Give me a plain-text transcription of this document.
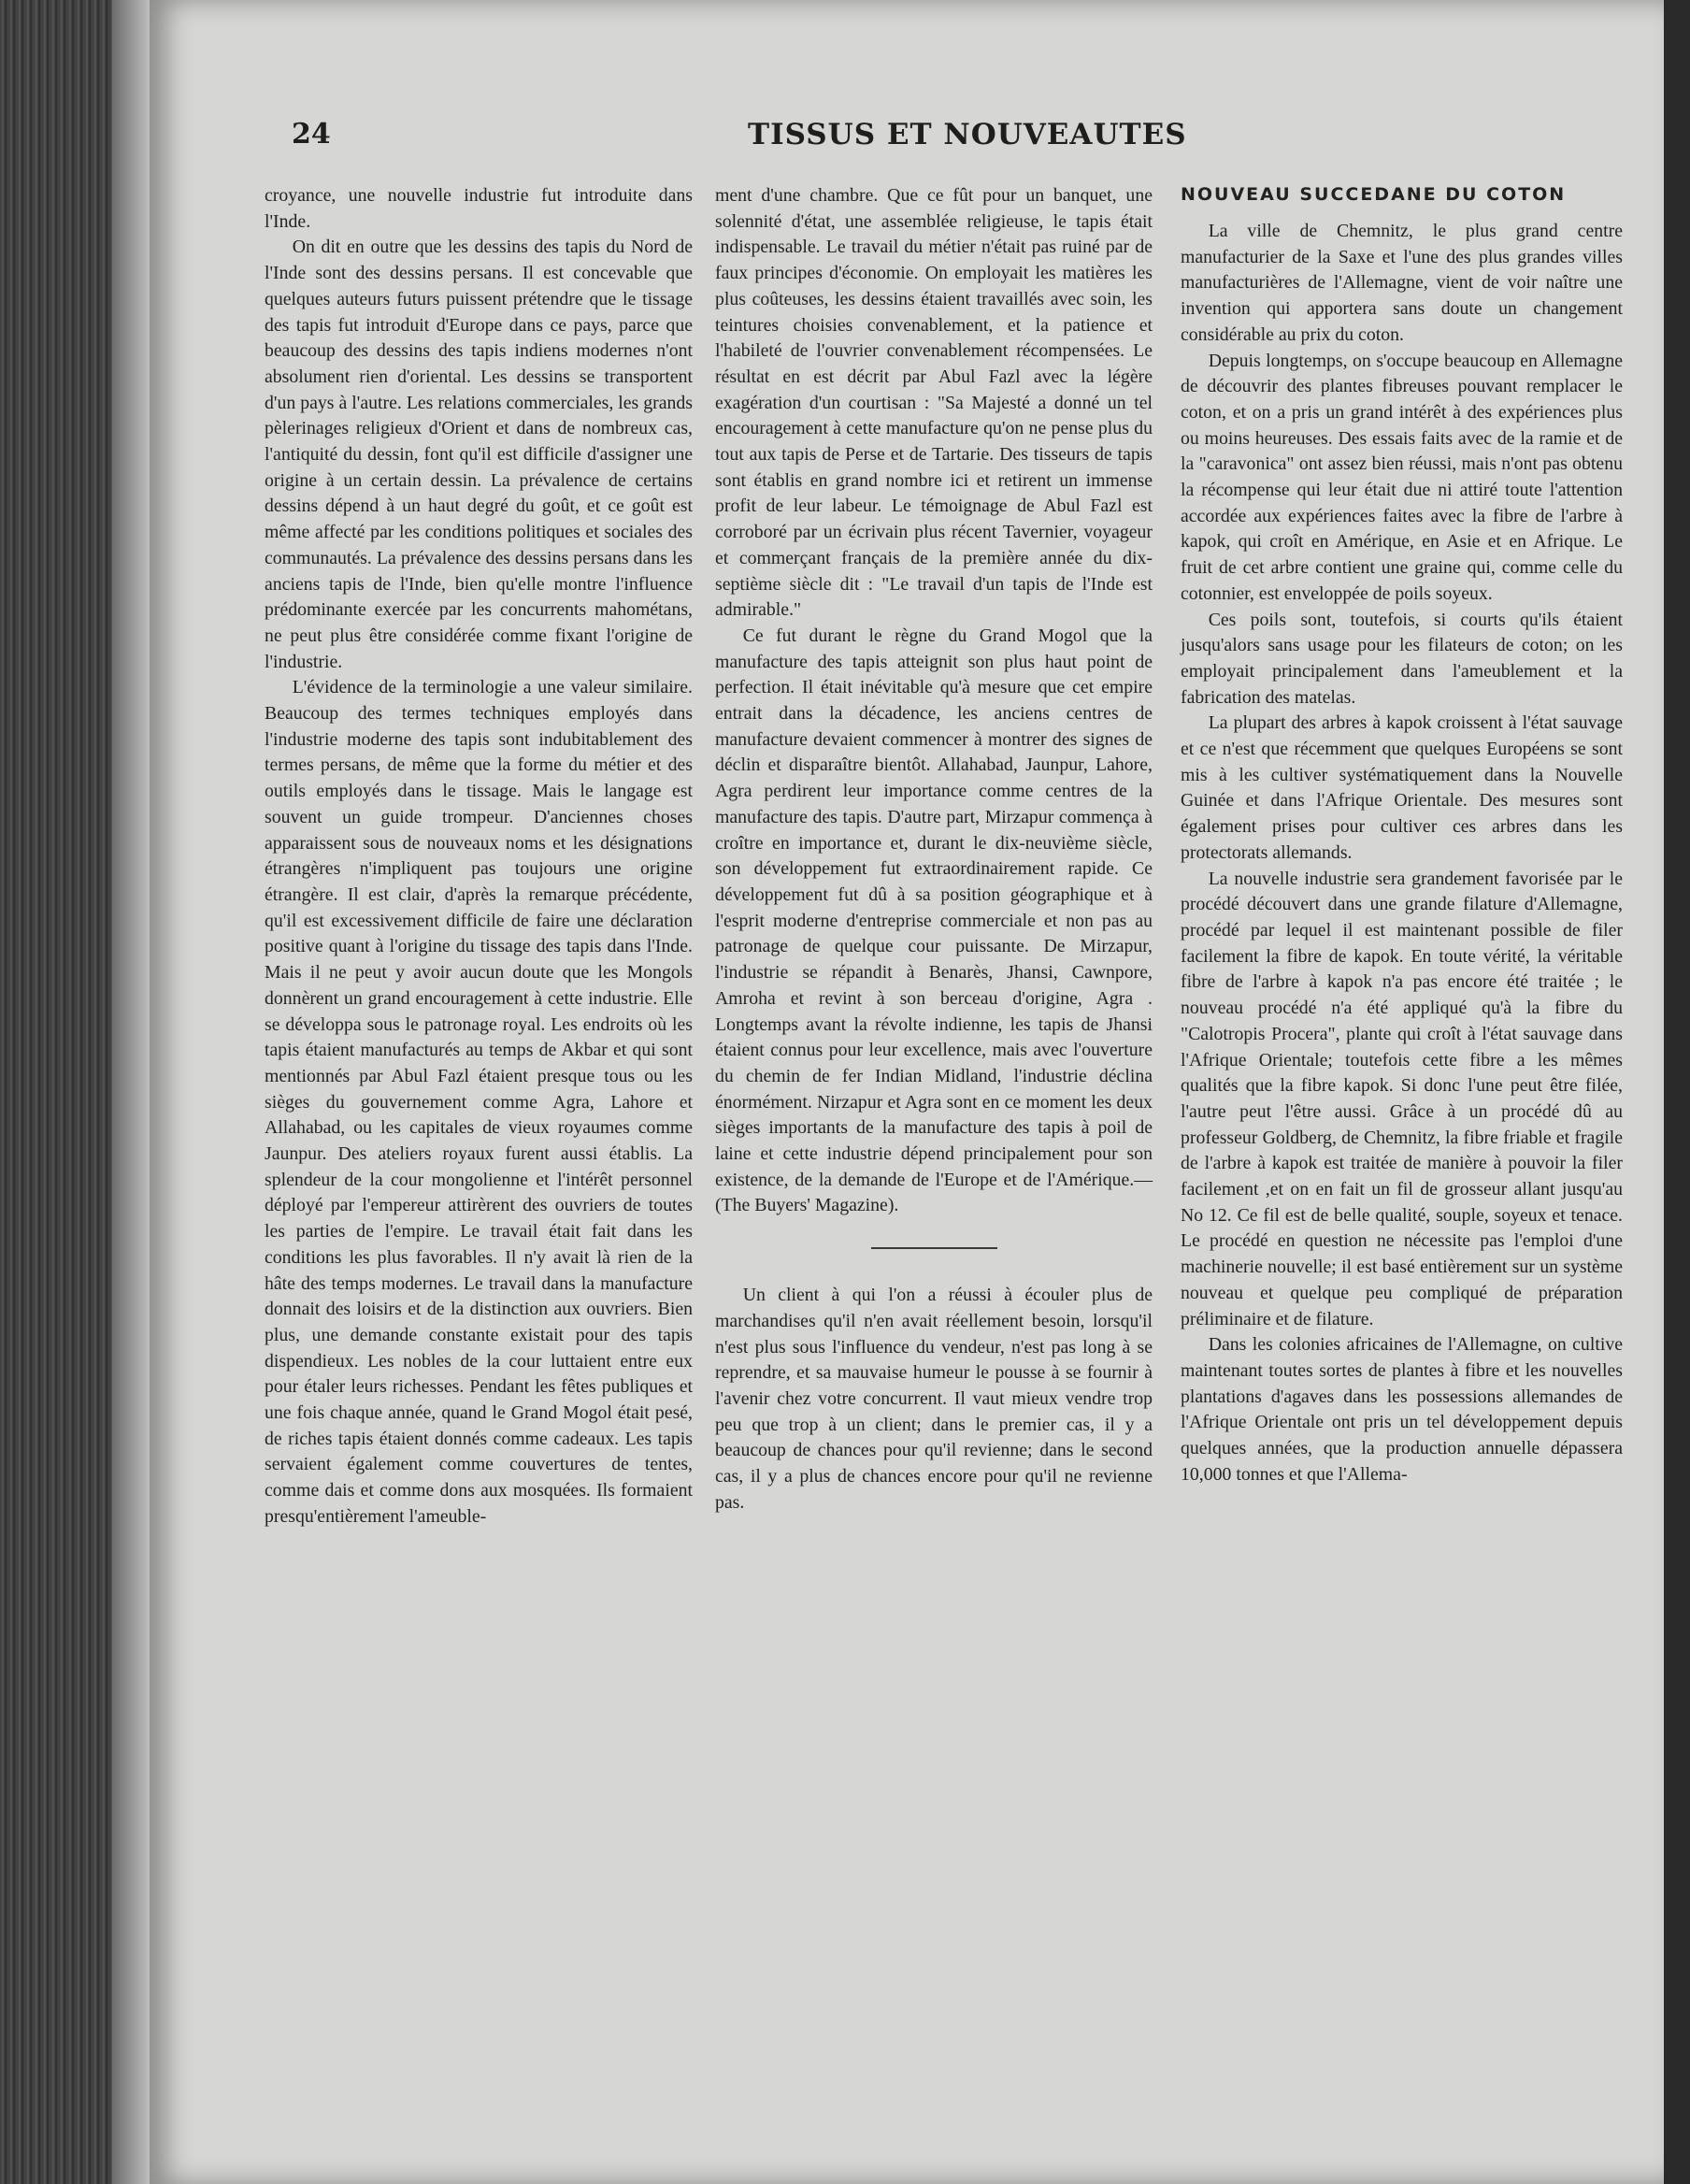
24	TISSUS ET NOUVEAUTES

croyance, une nouvelle industrie fut introduite dans l'Inde.

On dit en outre que les dessins des tapis du Nord de l'Inde sont des dessins persans. Il est concevable que quelques auteurs futurs puissent prétendre que le tissage des tapis fut introduit d'Europe dans ce pays, parce que beaucoup des dessins des tapis indiens modernes n'ont absolument rien d'oriental. Les dessins se transportent d'un pays à l'autre. Les relations commerciales, les grands pèlerinages religieux d'Orient et dans de nombreux cas, l'antiquité du dessin, font qu'il est difficile d'assigner une origine à un certain dessin. La prévalence de certains dessins dépend à un haut degré du goût, et ce goût est même affecté par les conditions politiques et sociales des communautés. La prévalence des dessins persans dans les anciens tapis de l'Inde, bien qu'elle montre l'influence prédominante exercée par les concurrents mahométans, ne peut plus être considérée comme fixant l'origine de l'industrie.

L'évidence de la terminologie a une valeur similaire. Beaucoup des termes techniques employés dans l'industrie moderne des tapis sont indubitablement des termes persans, de même que la forme du métier et des outils employés dans le tissage. Mais le langage est souvent un guide trompeur. D'anciennes choses apparaissent sous de nouveaux noms et les désignations étrangères n'impliquent pas toujours une origine étrangère. Il est clair, d'après la remarque précédente, qu'il est excessivement difficile de faire une déclaration positive quant à l'origine du tissage des tapis dans l'Inde. Mais il ne peut y avoir aucun doute que les Mongols donnèrent un grand encouragement à cette industrie. Elle se développa sous le patronage royal. Les endroits où les tapis étaient manufacturés au temps de Akbar et qui sont mentionnés par Abul Fazl étaient presque tous ou les sièges du gouvernement comme Agra, Lahore et Allahabad, ou les capitales de vieux royaumes comme Jaunpur. Des ateliers royaux furent aussi établis. La splendeur de la cour mongolienne et l'intérêt personnel déployé par l'empereur attirèrent des ouvriers de toutes les parties de l'empire. Le travail était fait dans les conditions les plus favorables. Il n'y avait là rien de la hâte des temps modernes. Le travail dans la manufacture donnait des loisirs et de la distinction aux ouvriers. Bien plus, une demande constante existait pour des tapis dispendieux. Les nobles de la cour luttaient entre eux pour étaler leurs richesses. Pendant les fêtes publiques et une fois chaque année, quand le Grand Mogol était pesé, de riches tapis étaient donnés comme cadeaux. Les tapis servaient également comme couvertures de tentes, comme dais et comme dons aux mosquées. Ils formaient presqu'entièrement l'ameuble-

ment d'une chambre. Que ce fût pour un banquet, une solennité d'état, une assemblée religieuse, le tapis était indispensable. Le travail du métier n'était pas ruiné par de faux principes d'économie. On employait les matières les plus coûteuses, les dessins étaient travaillés avec soin, les teintures choisies convenablement, et la patience et l'habileté de l'ouvrier convenablement récompensées. Le résultat en est décrit par Abul Fazl avec la légère exagération d'un courtisan : "Sa Majesté a donné un tel encouragement à cette manufacture qu'on ne pense plus du tout aux tapis de Perse et de Tartarie. Des tisseurs de tapis sont établis en grand nombre ici et retirent un immense profit de leur labeur. Le témoignage de Abul Fazl est corroboré par un écrivain plus récent Tavernier, voyageur et commerçant français de la première année du dix-septième siècle dit : "Le travail d'un tapis de l'Inde est admirable."

Ce fut durant le règne du Grand Mogol que la manufacture des tapis atteignit son plus haut point de perfection. Il était inévitable qu'à mesure que cet empire entrait dans la décadence, les anciens centres de manufacture devaient commencer à montrer des signes de déclin et disparaître bientôt. Allahabad, Jaunpur, Lahore, Agra perdirent leur importance comme centres de la manufacture des tapis. D'autre part, Mirzapur commença à croître en importance et, durant le dix-neuvième siècle, son développement fut extraordinairement rapide. Ce développement fut dû à sa position géographique et à l'esprit moderne d'entreprise commerciale et non pas au patronage de quelque cour puissante. De Mirzapur, l'industrie se répandit à Benarès, Jhansi, Cawnpore, Amroha et revint à son berceau d'origine, Agra . Longtemps avant la révolte indienne, les tapis de Jhansi étaient connus pour leur excellence, mais avec l'ouverture du chemin de fer Indian Midland, l'industrie déclina énormément. Nirzapur et Agra sont en ce moment les deux sièges importants de la manufacture des tapis à poil de laine et cette industrie dépend principalement pour son existence, de la demande de l'Europe et de l'Amérique.—(The Buyers' Magazine).

Un client à qui l'on a réussi à écouler plus de marchandises qu'il n'en avait réellement besoin, lorsqu'il n'est plus sous l'influence du vendeur, n'est pas long à se reprendre, et sa mauvaise humeur le pousse à se fournir à l'avenir chez votre concurrent. Il vaut mieux vendre trop peu que trop à un client; dans le premier cas, il y a beaucoup de chances pour qu'il revienne; dans le second cas, il y a plus de chances encore pour qu'il ne revienne pas.

NOUVEAU SUCCEDANE DU COTON

La ville de Chemnitz, le plus grand centre manufacturier de la Saxe et l'une des plus grandes villes manufacturières de l'Allemagne, vient de voir naître une invention qui apportera sans doute un changement considérable au prix du coton.

Depuis longtemps, on s'occupe beaucoup en Allemagne de découvrir des plantes fibreuses pouvant remplacer le coton, et on a pris un grand intérêt à des expériences plus ou moins heureuses. Des essais faits avec de la ramie et de la "caravonica" ont assez bien réussi, mais n'ont pas obtenu la récompense qui leur était due ni attiré toute l'attention accordée aux expériences faites avec la fibre de l'arbre à kapok, qui croît en Amérique, en Asie et en Afrique. Le fruit de cet arbre contient une graine qui, comme celle du cotonnier, est enveloppée de poils soyeux.

Ces poils sont, toutefois, si courts qu'ils étaient jusqu'alors sans usage pour les filateurs de coton; on les employait principalement dans l'ameublement et la fabrication des matelas.

La plupart des arbres à kapok croissent à l'état sauvage et ce n'est que récemment que quelques Européens se sont mis à les cultiver systématiquement dans la Nouvelle Guinée et dans l'Afrique Orientale. Des mesures sont également prises pour cultiver ces arbres dans les protectorats allemands.

La nouvelle industrie sera grandement favorisée par le procédé découvert dans une grande filature d'Allemagne, procédé par lequel il est maintenant possible de filer facilement la fibre de kapok. En toute vérité, la véritable fibre de l'arbre à kapok n'a pas encore été traitée ; le nouveau procédé n'a été appliqué qu'à la fibre du "Calotropis Procera", plante qui croît à l'état sauvage dans l'Afrique Orientale; toutefois cette fibre a les mêmes qualités que la fibre kapok. Si donc l'une peut être filée, l'autre peut l'être aussi. Grâce à un procédé dû au professeur Goldberg, de Chemnitz, la fibre friable et fragile de l'arbre à kapok est traitée de manière à pouvoir la filer facilement ,et on en fait un fil de grosseur allant jusqu'au No 12. Ce fil est de belle qualité, souple, soyeux et tenace. Le procédé en question ne nécessite pas l'emploi d'une machinerie nouvelle; il est basé entièrement sur un système nouveau et quelque peu compliqué de préparation préliminaire et de filature.

Dans les colonies africaines de l'Allemagne, on cultive maintenant toutes sortes de plantes à fibre et les nouvelles plantations d'agaves dans les possessions allemandes de l'Afrique Orientale ont pris un tel développement depuis quelques années, que la production annuelle dépassera 10,000 tonnes et que l'Allema-
